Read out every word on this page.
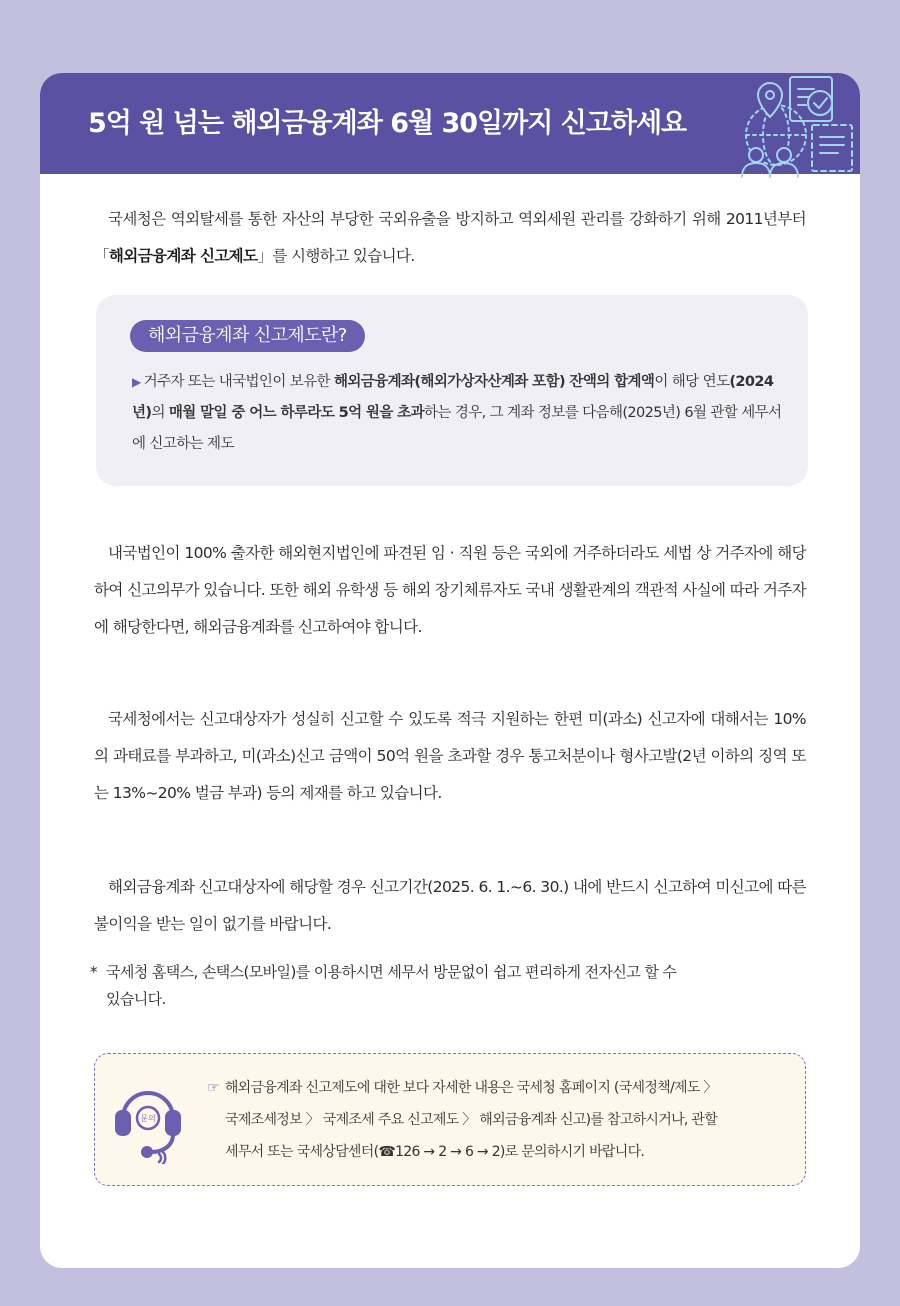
5억 원 넘는 해외금융계좌 6월 30일까지 신고하세요

국세청은 역외탈세를 통한 자산의 부당한 국외유출을 방지하고 역외세원 관리를 강화하기 위해 2011년부터 「해외금융계좌 신고제도」를 시행하고 있습니다.

해외금융계좌 신고제도란?

▶ 거주자 또는 내국법인이 보유한 해외금융계좌(해외가상자산계좌 포함) 잔액의 합계액이 해당 연도(2024년)의 매월 말일 중 어느 하루라도 5억 원을 초과하는 경우, 그 계좌 정보를 다음해(2025년) 6월 관할 세무서에 신고하는 제도

내국법인이 100% 출자한 해외현지법인에 파견된 임 · 직원 등은 국외에 거주하더라도 세법 상 거주자에 해당하여 신고의무가 있습니다. 또한 해외 유학생 등 해외 장기체류자도 국내 생활관계의 객관적 사실에 따라 거주자에 해당한다면, 해외금융계좌를 신고하여야 합니다.

국세청에서는 신고대상자가 성실히 신고할 수 있도록 적극 지원하는 한편 미(과소) 신고자에 대해서는 10%의 과태료를 부과하고, 미(과소)신고 금액이 50억 원을 초과할 경우 통고처분이나 형사고발(2년 이하의 징역 또는 13%~20% 벌금 부과) 등의 제재를 하고 있습니다.

해외금융계좌 신고대상자에 해당할 경우 신고기간(2025. 6. 1.~6. 30.) 내에 반드시 신고하여 미신고에 따른 불이익을 받는 일이 없기를 바랍니다.

* 국세청 홈택스, 손택스(모바일)를 이용하시면 세무서 방문없이 쉽고 편리하게 전자신고 할 수
있습니다.

문의

☞ 해외금융계좌 신고제도에 대한 보다 자세한 내용은 국세청 홈페이지 (국세정책/제도 〉
국제조세정보 〉 국제조세 주요 신고제도 〉 해외금융계좌 신고)를 참고하시거나, 관할
세무서 또는 국세상담센터(☎126 → 2 → 6 → 2)로 문의하시기 바랍니다.
